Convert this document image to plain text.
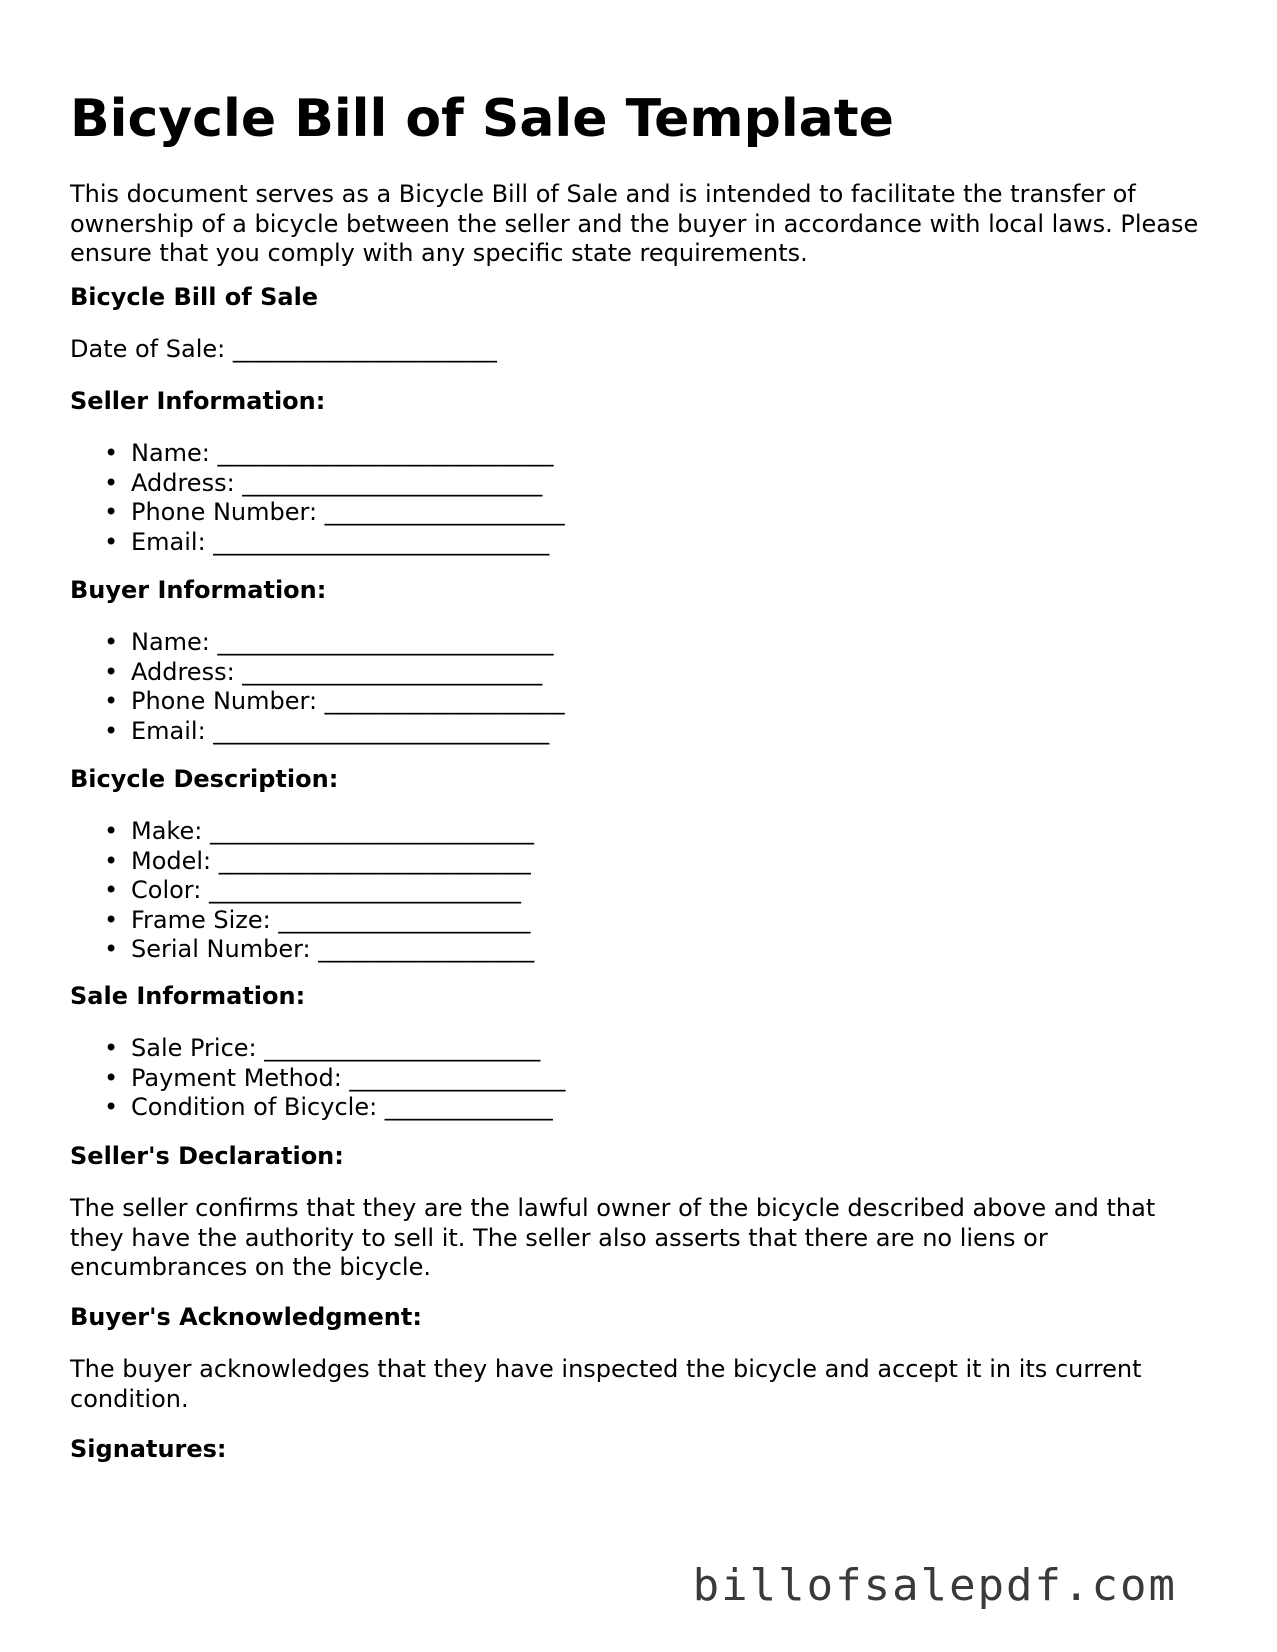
Bicycle Bill of Sale Template

This document serves as a Bicycle Bill of Sale and is intended to facilitate the transfer of ownership of a bicycle between the seller and the buyer in accordance with local laws. Please ensure that you comply with any specific state requirements.

Bicycle Bill of Sale

Date of Sale: ______________________

Seller Information:

• Name: ____________________________
• Address: _________________________
• Phone Number: ____________________
• Email: ____________________________

Buyer Information:

• Name: ____________________________
• Address: _________________________
• Phone Number: ____________________
• Email: ____________________________

Bicycle Description:

• Make: ___________________________
• Model: __________________________
• Color: __________________________
• Frame Size: _____________________
• Serial Number: __________________

Sale Information:

• Sale Price: _______________________
• Payment Method: __________________
• Condition of Bicycle: ______________

Seller's Declaration:

The seller confirms that they are the lawful owner of the bicycle described above and that they have the authority to sell it. The seller also asserts that there are no liens or encumbrances on the bicycle.

Buyer's Acknowledgment:

The buyer acknowledges that they have inspected the bicycle and accept it in its current condition.

Signatures:

billofsalepdf.com
